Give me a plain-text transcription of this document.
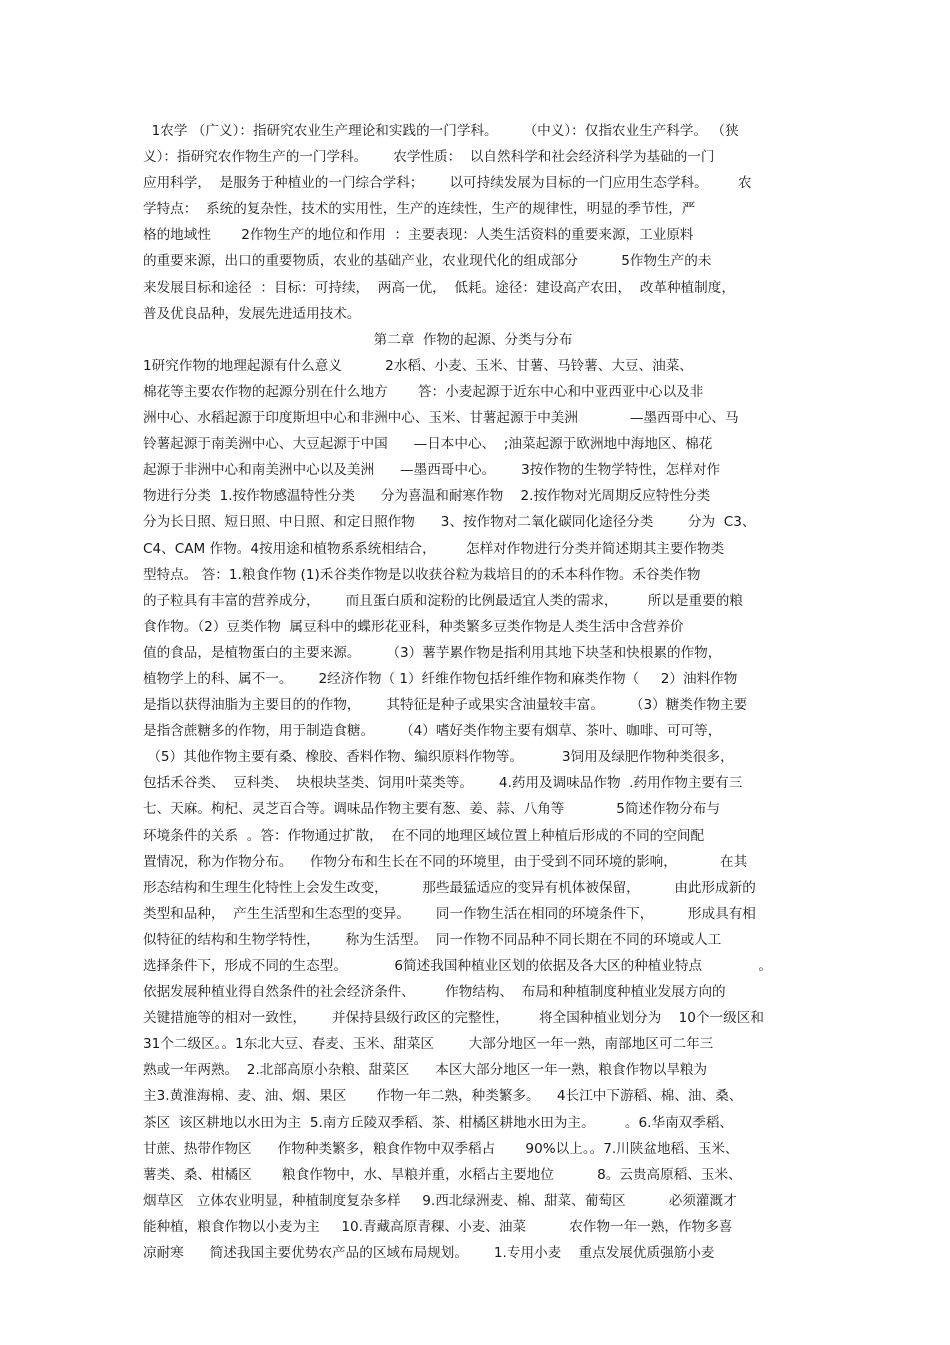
1农学 （广义）：指研究农业生产理论和实践的一门学科。      （中义）：仅指农业生产科学。 （狭
义）：指研究农作物生产的一门学科。      农学性质：  以自然科学和社会经济科学为基础的一门
应用科学，  是服务于种植业的一门综合学科；      以可持续发展为目标的一门应用生态学科。       农
学特点：  系统的复杂性，技术的实用性，生产的连续性，生产的规律性，明显的季节性，严
格的地域性       2作物生产的地位和作用  ：主要表现：人类生活资料的重要来源，工业原料
的重要来源，出口的重要物质，农业的基础产业，农业现代化的组成部分          5作物生产的未
来发展目标和途径  ：目标：可持续，  两高一优，  低耗。途径：建设高产农田，  改革种植制度，
普及优良品种，发展先进适用技术。
第二章  作物的起源、分类与分布
1研究作物的地理起源有什么意义          2水稻、小麦、玉米、甘薯、马铃薯、大豆、油菜、
棉花等主要农作物的起源分别在什么地方       答：小麦起源于近东中心和中亚西亚中心以及非
洲中心、水稻起源于印度斯坦中心和非洲中心、玉米、甘薯起源于中美洲            —墨西哥中心、马
铃薯起源于南美洲中心、大豆起源于中国      —日本中心、  ;油菜起源于欧洲地中海地区、棉花
起源于非洲中心和南美洲中心以及美洲      —墨西哥中心。      3按作物的生物学特性，怎样对作
物进行分类  1.按作物感温特性分类      分为喜温和耐寒作物    2.按作物对光周期反应特性分类
分为长日照、短日照、中日照、和定日照作物      3、按作物对二氧化碳同化途径分类        分为  C3、
C4、CAM 作物。4按用途和植物系系统相结合，       怎样对作物进行分类并简述期其主要作物类
型特点。 答：1.粮食作物 (1)禾谷类作物是以收获谷粒为栽培目的的禾本科作物。禾谷类作物
的子粒具有丰富的营养成分，      而且蛋白质和淀粉的比例最适宜人类的需求，       所以是重要的粮
食作物。（2）豆类作物  属豆科中的蝶形花亚科，种类繁多豆类作物是人类生活中含营养价
值的食品，是植物蛋白的主要来源。      （3）薯芋累作物是指利用其地下块茎和快根累的作物，
植物学上的科、属不一。      2经济作物（ 1）纤维作物包括纤维作物和麻类作物（     2）油料作物
是指以获得油脂为主要目的的作物，      其特征是种子或果实含油量较丰富。      （3）糖类作物主要
是指含蔗糖多的作物，用于制造食糖。      （4）嗜好类作物主要有烟草、茶叶、咖啡、可可等，
（5）其他作物主要有桑、橡胶、香料作物、编织原料作物等。         3饲用及绿肥作物种类很多，
包括禾谷类、  豆科类、  块根块茎类、饲用叶菜类等。      4.药用及调味品作物  .药用作物主要有三
七、天麻。枸杞、灵芝百合等。调味品作物主要有葱、姜、蒜、八角等            5简述作物分布与
环境条件的关系  。答：作物通过扩散，  在不同的地理区域位置上种植后形成的不同的空间配
置情况，称为作物分布。    作物分布和生长在不同的环境里，由于受到不同环境的影响，          在其
形态结构和生理生化特性上会发生改变，        那些最猛适应的变异有机体被保留，        由此形成新的
类型和品种，  产生生活型和生态型的变异。      同一作物生活在相同的环境条件下，        形成具有相
似特征的结构和生物学特性，      称为生活型。  同一作物不同品种不同长期在不同的环境或人工
选择条件下，形成不同的生态型。           6简述我国种植业区划的依据及各大区的种植业特点             。
依据发展种植业得自然条件的社会经济条件、       作物结构、  布局和种植制度种植业发展方向的
关键措施等的相对一致性，      并保持县级行政区的完整性，       将全国种植业划分为    10个一级区和
31个二级区。。1东北大豆、春麦、玉米、甜菜区        大部分地区一年一熟，南部地区可二年三
熟或一年两熟。  2.北部高原小杂粮、甜菜区      本区大部分地区一年一熟，粮食作物以旱粮为
主3.黄淮海棉、麦、油、烟、果区       作物一年二熟，种类繁多。    4长江中下游稻、棉、油、桑、
茶区  该区耕地以水田为主  5.南方丘陵双季稻、茶、柑橘区耕地水田为主。       。6.华南双季稻、
甘蔗、热带作物区      作物种类繁多，粮食作物中双季稻占       90%以上。。7.川陕盆地稻、玉米、
薯类、桑、柑橘区       粮食作物中，水、旱粮并重，水稻占主要地位          8。云贵高原稻、玉米、
烟草区   立体农业明显，种植制度复杂多样     9.西北绿洲麦、棉、甜菜、葡萄区          必须灌溉才
能种植，粮食作物以小麦为主     10.青藏高原青稞、小麦、油菜          农作物一年一熟，作物多喜
凉耐寒      简述我国主要优势农产品的区域布局规划。      1.专用小麦    重点发展优质强筋小麦
